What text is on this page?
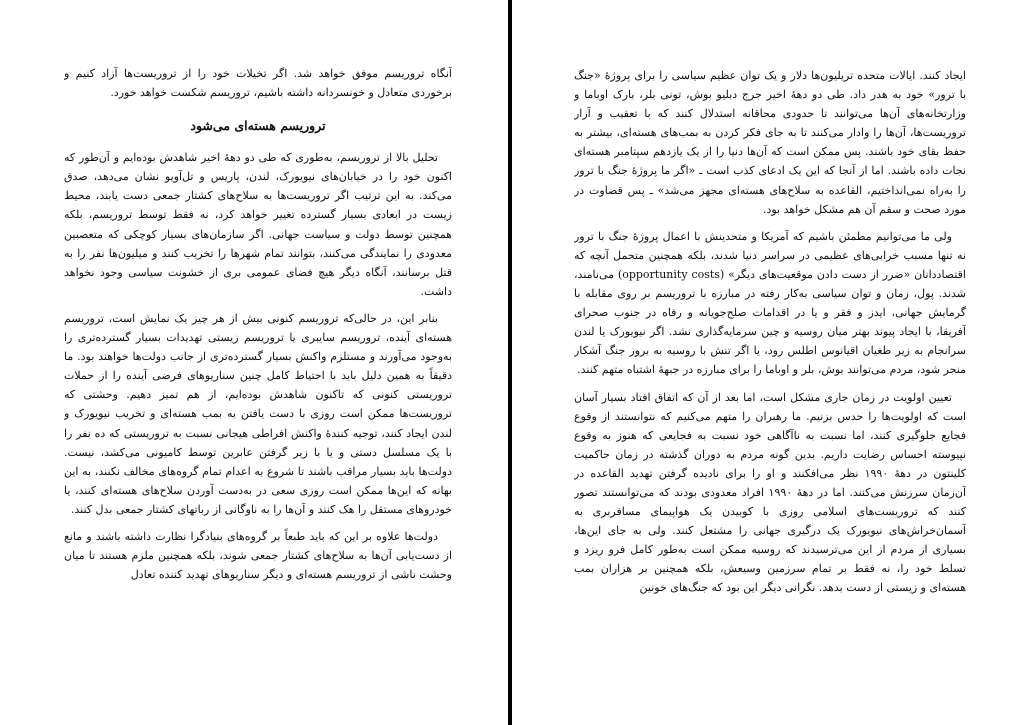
آنگاه تروریسم موفق خواهد شد. اگر تخیلات خود را از تروریست‌ها آزاد کنیم و برخوردی متعادل و خونسردانه داشته باشیم، تروریسم شکست خواهد خورد.

تروریسم هسته‌ای می‌شود

تحلیل بالا از تروریسم، به‌طوری که طی دو دهۀ اخیر شاهدش بوده‌ایم و آن‌طور که اکنون خود را در خیابان‌های نیویورک، لندن، پاریس و تل‌آویو نشان می‌دهد، صدق می‌کند. به این ترتیب اگر تروریست‌ها به سلاح‌های کشتار جمعی دست یابند، محیط زیست در ابعادی بسیار گسترده تغییر خواهد کرد، نه فقط توسط تروریسم، بلکه همچنین توسط دولت و سیاست جهانی. اگر سازمان‌های بسیار کوچکی که متعصبین معدودی را نمایندگی می‌کنند، بتوانند تمام شهرها را تخریب کنند و میلیون‌ها نفر را به قتل برسانند، آنگاه دیگر هیچ فضای عمومی بری از خشونت سیاسی وجود نخواهد داشت.

بنابر این، در حالی‌که تروریسم کنونی بیش از هر چیز یک نمایش است، تروریسم هسته‌ای آینده، تروریسم سایبری یا تروریسم زیستی تهدیدات بسیار گسترده‌تری را به‌وجود می‌آورند و مستلزم واکنش بسیار گسترده‌تری از جانب دولت‌ها خواهند بود. ما دقیقاً به همین دلیل باید با احتیاط کامل چنین سناریوهای فرضی آینده را از حملات تروریستی کنونی که تاکنون شاهدش بوده‌ایم، از هم تمیز دهیم. وحشتی که تروریست‌ها ممکن است روزی با دست یافتن به بمب هسته‌ای و تخریب نیویورک و لندن ایجاد کنند، توجیه کنندۀ واکنش افراطی هیجانی نسبت به تروریستی که ده نفر را با یک مسلسل دستی و یا با زیر گرفتن عابرین توسط کامیونی می‌کشد، نیست. دولت‌ها باید بسیار مراقب باشند تا شروع به اعدام تمام گروه‌های مخالف نکنند، به این بهانه که این‌ها ممکن است روزی سعی در به‌دست آوردن سلاح‌های هسته‌ای کنند، یا خودروهای مستقل را هک کنند و آن‌ها را به ناوگانی از رباتهای کشتار جمعی بدل کنند.

دولت‌ها علاوه بر این که باید طبعاً بر گروه‌های بنیادگرا نظارت داشته باشند و مانع از دست‌یابی آن‌ها به سلاح‌های کشتار جمعی شوند، بلکه همچنین ملزم هستند تا میان وحشت ناشی از تروریسم هسته‌ای و دیگر سناریوهای تهدید کننده تعادل

ایجاد کنند. ایالات متحده تریلیون‌ها دلار و یک توان عظیم سیاسی را برای پروژۀ «جنگ با ترور» خود به هدر داد. طی دو دهۀ اخیر جرج دبلیو بوش، تونی بلر، بارک اوباما و وزارتخانه‌های آن‌ها می‌توانند تا حدودی محاقانه استدلال کنند که با تعقیب و آزار تروریست‌ها، آن‌ها را وادار می‌کنند تا به جای فکر کردن به بمب‌های هسته‌ای، بیشتر به حفظ بقای خود باشند. پس ممکن است که آن‌ها دنیا را از یک یازدهم سپتامبر هسته‌ای نجات داده باشند. اما از آنجا که این یک ادعای کذب است ـ «اگر ما پروژۀ جنگ با ترور را به‌راه نمی‌انداختیم، القاعده به سلاح‌های هسته‌ای مجهز می‌شد» ـ پس قضاوت در مورد صحت و سقم آن هم مشکل خواهد بود.

ولی ما می‌توانیم مطمئن باشیم که آمریکا و متحدینش با اعمال پروژۀ جنگ با ترور نه تنها مسبب خرابی‌های عظیمی در سراسر دنیا شدند، بلکه همچنین متحمل آنچه که اقتصاددانان «ضرر از دست دادن موقعیت‌های دیگر» (opportunity costs) می‌نامند، شدند. پول، زمان و توان سیاسی به‌کار رفته در مبارزه با تروریسم بر روی مقابله با گرمایش جهانی، ایدز و فقر و یا در اقدامات صلح‌جویانه و رفاه در جنوب صحرای آفریقا، با ایجاد پیوند بهتر میان روسیه و چین سرمایه‌گذاری نشد. اگر نیویورک یا لندن سرانجام به زیر طغیان اقیانوس اطلس رود، یا اگر تنش با روسیه به بروز جنگ آشکار منجر شود، مردم می‌توانند بوش، بلر و اوباما را برای مبارزه در جبهۀ اشتباه متهم کنند.

تعیین اولویت در زمان جاری مشکل است، اما بعد از آن که اتفاق افتاد بسیار آسان است که اولویت‌ها را حدس بزنیم. ما رهبران را متهم می‌کنیم که نتوانستند از وقوع فجایع جلوگیری کنند، اما نسبت به ناآگاهی خود نسبت به فجایعی که هنوز به وقوع نپیوسته احساس رضایت داریم. بدین گونه مردم به دوران گذشته در زمان حاکمیت کلینتون در دهۀ ۱۹۹۰ نظر می‌افکنند و او را برای نادیده گرفتن تهدید القاعده در آن‌زمان سرزنش می‌کنند. اما در دهۀ ۱۹۹۰ افراد معدودی بودند که می‌توانستند تصور کنند که تروریست‌های اسلامی روزی با کوبیدن یک هواپیمای مسافربری به آسمان‌خراش‌های نیویورک یک درگیری جهانی را مشتعل کنند. ولی به جای این‌ها، بسیاری از مردم از این می‌ترسیدند که روسیه ممکن است به‌طور کامل فرو ریزد و تسلط خود را، نه فقط بر تمام سرزمین وسیعش، بلکه همچنین بر هزاران بمب هسته‌ای و زیستی از دست بدهد. نگرانی دیگر این بود که جنگ‌های خونین
